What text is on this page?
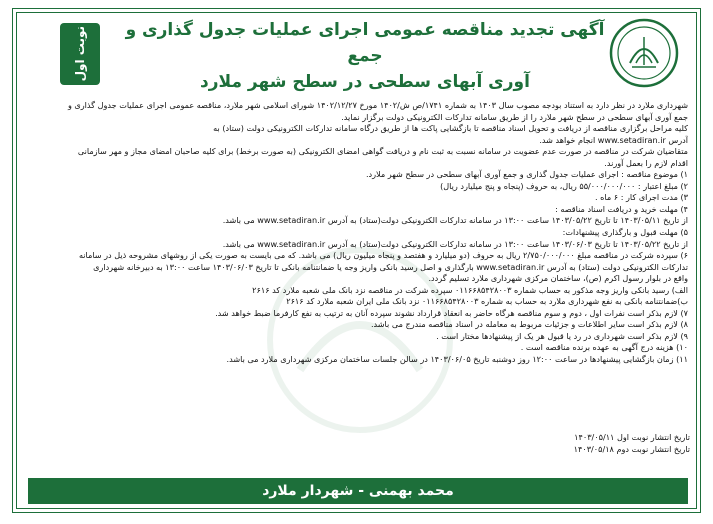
آگهی تجدید مناقصه عمومی اجرای عملیات جدول گذاری و جمع
آوری آبهای سطحی در سطح شهر ملارد
نوبت اول

شهرداری ملارد در نظر دارد به استناد بودجه مصوب سال ۱۴۰۳ به شماره ۱۷۴۱/ص ش/۱۴۰۲ مورخ ۱۴۰۲/۱۲/۲۷ شورای اسلامی شهر ملارد، مناقصه عمومی اجرای عملیات جدول گذاری و

جمع آوری آبهای سطحی در سطح شهر ملارد را از طریق سامانه تدارکات الکترونیکی دولت برگزار نماید.

کلیه مراحل برگزاری مناقصه از دریافت و تحویل اسناد مناقصه تا بازگشایی پاکت ها از طریق درگاه سامانه تدارکات الکترونیکی دولت (ستاد) به

آدرس www.setadiran.ir انجام خواهد شد.

متقاضیان شرکت در مناقصه در صورت عدم عضویت در سامانه نسبت به ثبت نام و دریافت گواهی امضای الکترونیکی (به صورت برخط) برای کلیه صاحبان امضای مجاز و مهر سازمانی

اقدام لازم را بعمل آورند.

۱) موضوع مناقصه : اجرای عملیات جدول گذاری و جمع آوری آبهای سطحی در سطح شهر ملارد.

۲) مبلغ اعتبار : ۵۵/۰۰۰/۰۰۰/۰۰۰ ریال، به حروف (پنجاه و پنج میلیارد ریال)

۳) مدت اجرای کار : ۶ ماه .

۴) مهلت خرید و دریافت اسناد مناقصه :

از تاریخ ۱۴۰۳/۰۵/۱۱ تا تاریخ ۱۴۰۳/۰۵/۲۲ ساعت ۱۳:۰۰ در سامانه تدارکات الکترونیکی دولت(ستاد) به آدرس www.setadiran.ir می باشد.

۵) مهلت قبول و بارگذاری پیشنهادات:

از تاریخ ۱۴۰۳/۰۵/۲۲ تا تاریخ ۱۴۰۳/۰۶/۰۳ ساعت ۱۳:۰۰ در سامانه تدارکات الکترونیکی دولت(ستاد) به آدرس www.setadiran.ir می باشد.

۶) سپرده شرکت در مناقصه مبلغ ۲/۷۵۰/۰۰۰/۰۰۰ ریال به حروف (دو میلیارد و هفتصد و پنجاه میلیون ریال) می باشد. که می بایست به صورت یکی از روشهای مشروحه ذیل در سامانه

تدارکات الکترونیکی دولت (ستاد) به آدرس www.setadiran.ir بارگذاری و اصل رسید بانکی واریز وجه یا ضمانتنامه بانکی تا تاریخ ۱۴۰۳/۰۶/۰۳ ساعت ۱۳:۰۰ به دبیرخانه شهرداری

واقع در بلوار رسول اکرم (ص)، ساختمان مرکزی شهرداری ملارد تسلیم گردد.

الف) رسید بانکی واریز وجه مذکور به حساب شماره ۰۱۱۶۶۸۵۴۲۸۰۰۳ سپرده شرکت در مناقصه نزد بانک ملی شعبه ملارد کد ۲۶۱۶

ب)ضمانتنامه بانکی به نفع شهرداری ملارد به حساب به شماره ۰۱۱۶۶۸۵۴۲۸۰۰۳ نزد بانک ملی ایران شعبه ملارد کد ۲۶۱۶

۷) لازم بذکر است نفرات اول ، دوم و سوم مناقصه هرگاه حاضر به انعقاد قرارداد نشوند سپرده آنان به ترتیب به نفع کارفرما ضبط خواهد شد.

۸) لازم بذکر است سایر اطلاعات و جزئیات مربوط به معامله در اسناد مناقصه مندرج می باشد.

۹) لازم بذکر است شهرداری در رد یا قبول هر یک از پیشنهادها مختار است .

۱۰) هزینه درج آگهی به عهده برنده مناقصه است .

۱۱) زمان بازگشایی پیشنهادها در ساعت ۱۲:۰۰ روز دوشنبه تاریخ ۱۴۰۳/۰۶/۰۵ در سالن جلسات ساختمان مرکزی شهرداری ملارد می باشد.

تاریخ انتشار نوبت اول ۱۴۰۳/۰۵/۱۱

تاریخ انتشار نوبت دوم ۱۴۰۳/۰۵/۱۸

محمد بهمنی - شهردار ملارد
